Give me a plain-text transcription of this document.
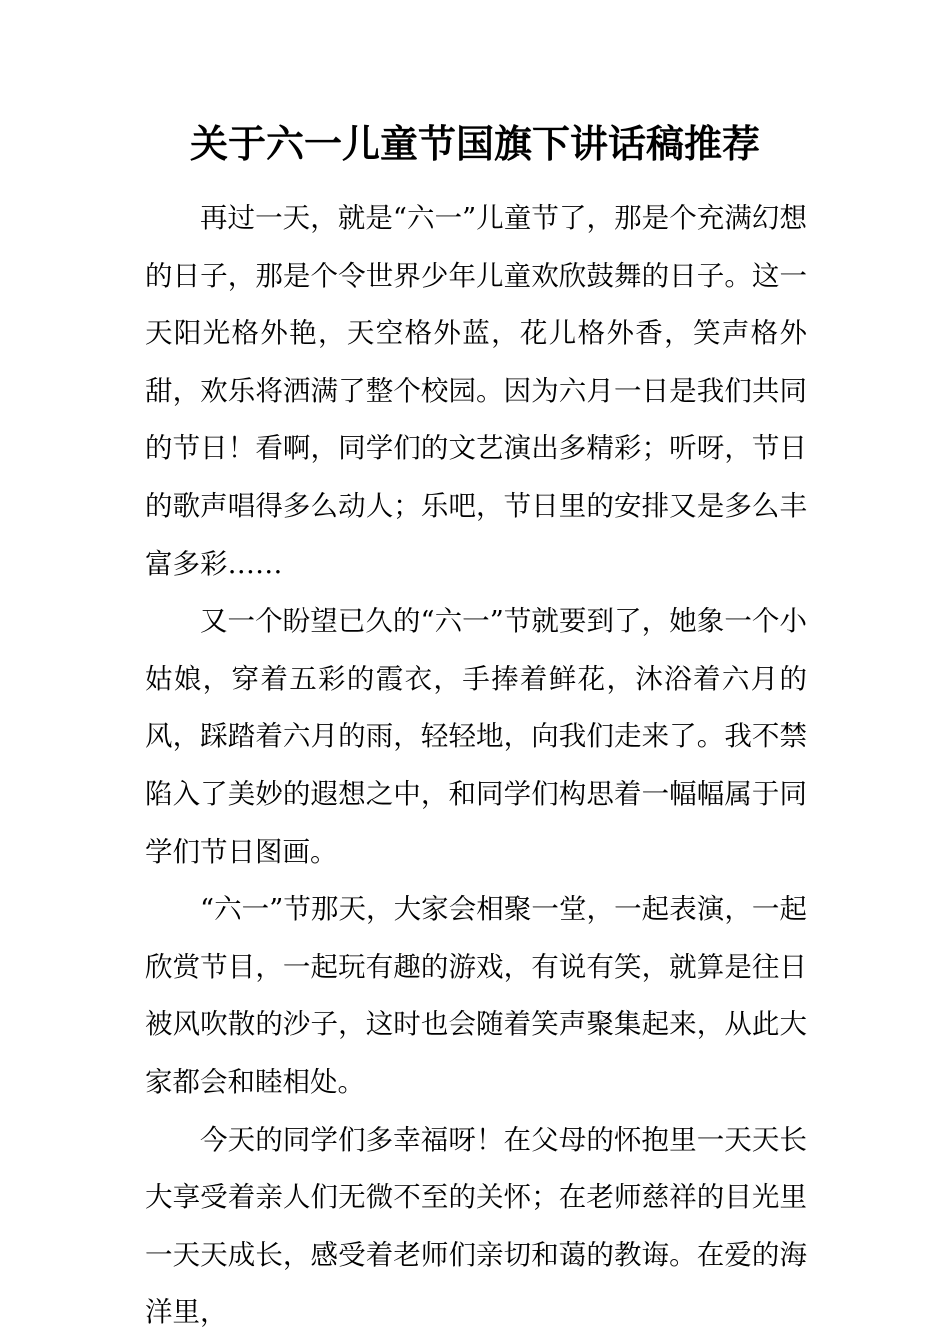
关于六一儿童节国旗下讲话稿推荐

再过一天，就是“六一”儿童节了，那是个充满幻想的日子，那是个令世界少年儿童欢欣鼓舞的日子。这一天阳光格外艳，天空格外蓝，花儿格外香，笑声格外甜，欢乐将洒满了整个校园。因为六月一日是我们共同的节日！看啊，同学们的文艺演出多精彩；听呀，节日的歌声唱得多么动人；乐吧，节日里的安排又是多么丰富多彩……

又一个盼望已久的“六一”节就要到了，她象一个小姑娘，穿着五彩的霞衣，手捧着鲜花，沐浴着六月的风，踩踏着六月的雨，轻轻地，向我们走来了。我不禁陷入了美妙的遐想之中，和同学们构思着一幅幅属于同学们节日图画。

“六一”节那天，大家会相聚一堂，一起表演，一起欣赏节目，一起玩有趣的游戏，有说有笑，就算是往日被风吹散的沙子，这时也会随着笑声聚集起来，从此大家都会和睦相处。

今天的同学们多幸福呀！在父母的怀抱里一天天长大享受着亲人们无微不至的关怀；在老师慈祥的目光里一天天成长，感受着老师们亲切和蔼的教诲。在爱的海洋里，
